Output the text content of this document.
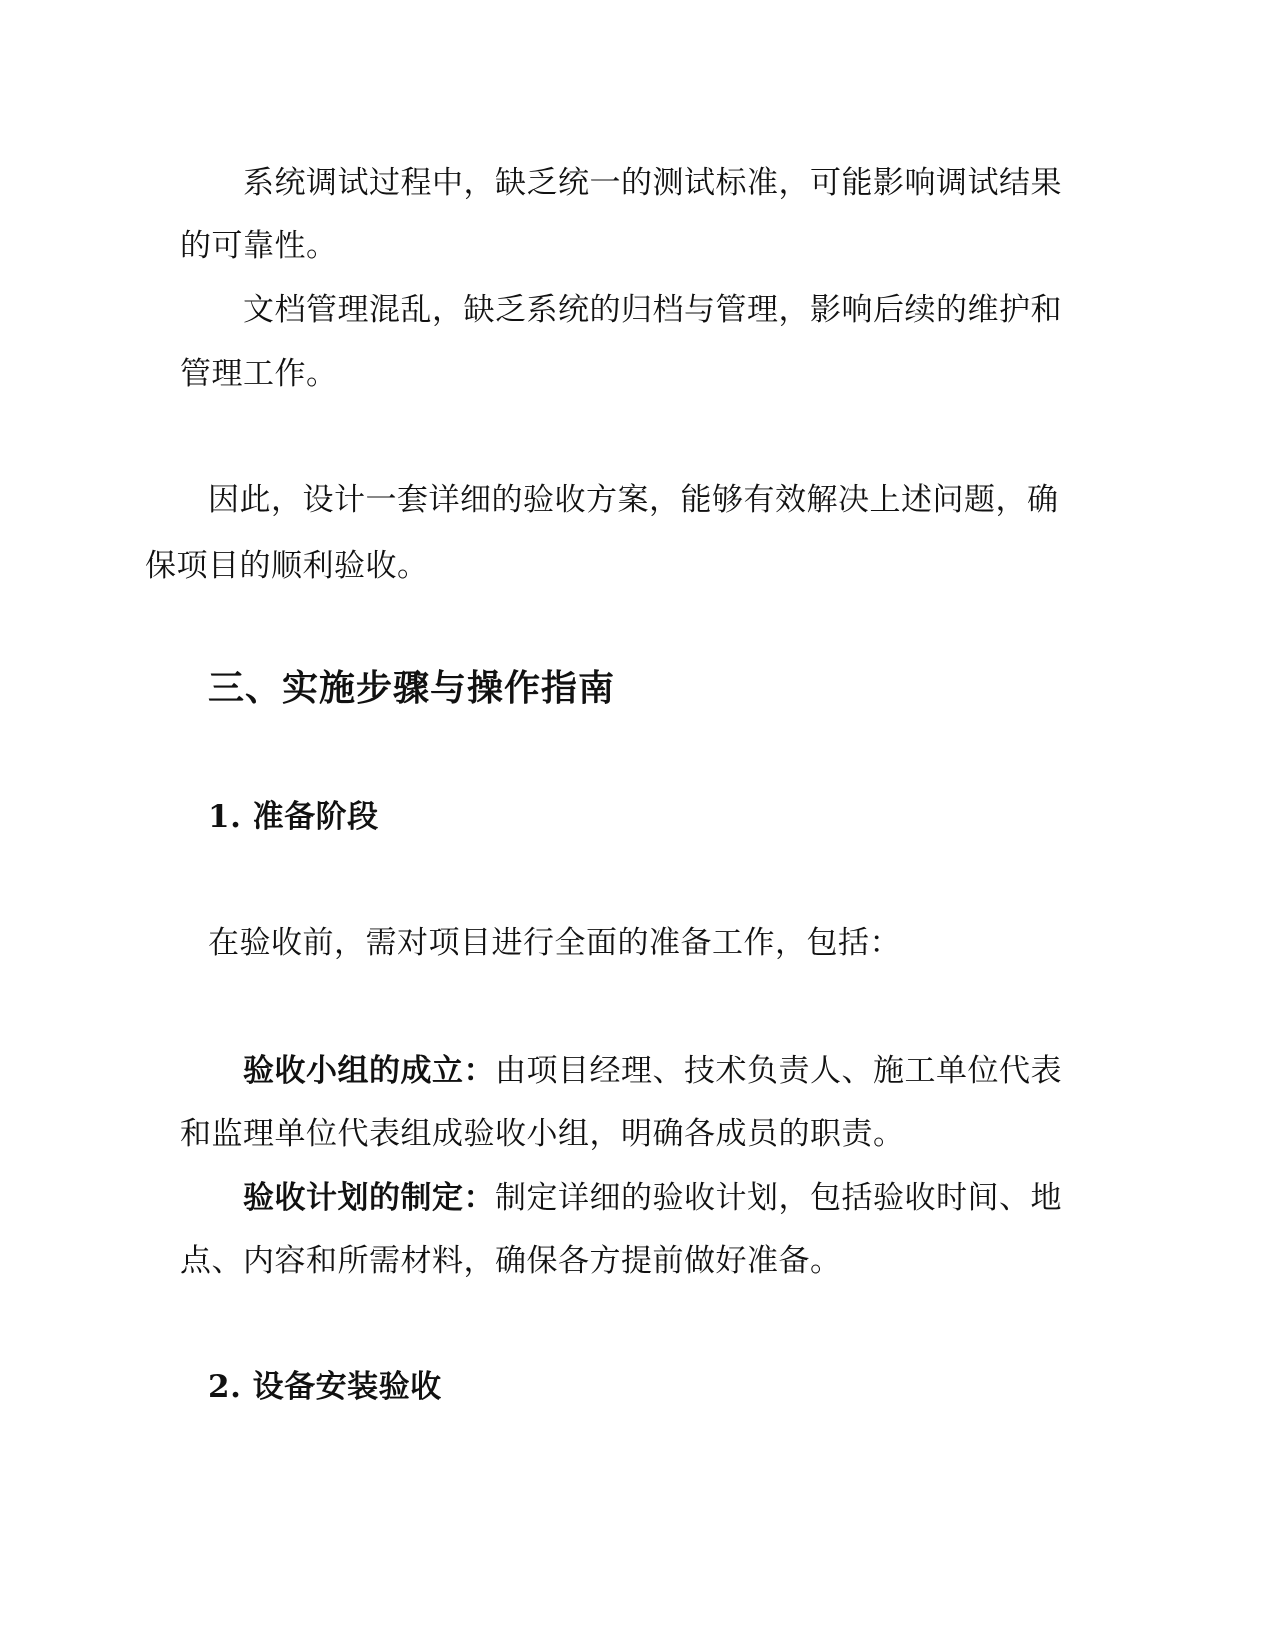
系统调试过程中，缺乏统一的测试标准，可能影响调试结果
的可靠性。
文档管理混乱，缺乏系统的归档与管理，影响后续的维护和
管理工作。
因此，设计一套详细的验收方案，能够有效解决上述问题，确
保项目的顺利验收。
三、实施步骤与操作指南
1. 准备阶段
在验收前，需对项目进行全面的准备工作，包括：
验收小组的成立：由项目经理、技术负责人、施工单位代表
和监理单位代表组成验收小组，明确各成员的职责。
验收计划的制定：制定详细的验收计划，包括验收时间、地
点、内容和所需材料，确保各方提前做好准备。
2. 设备安装验收
